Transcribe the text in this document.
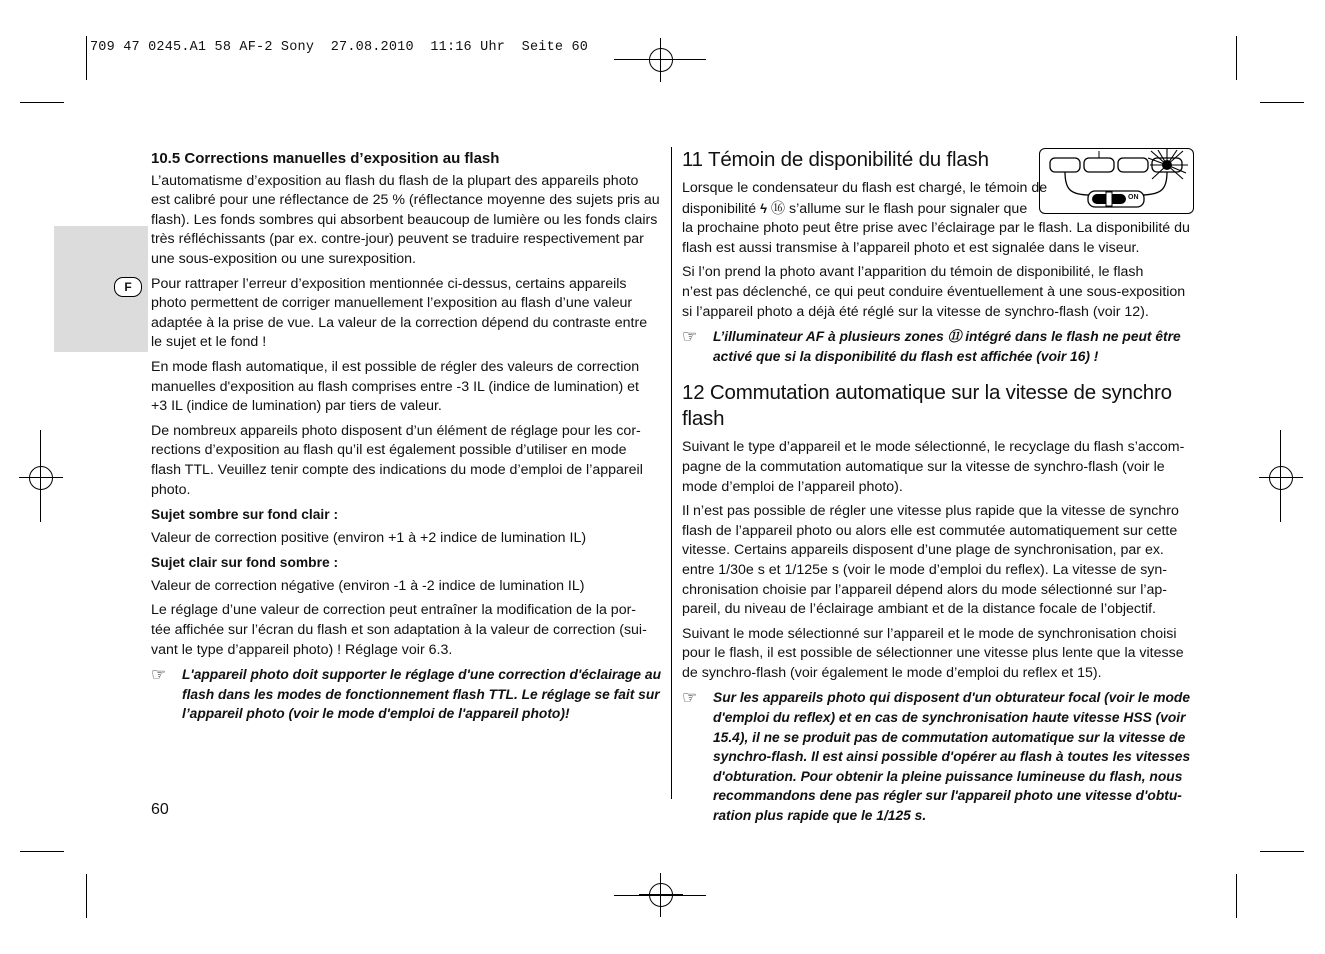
709 47 0245.A1 58 AF-2 Sony  27.08.2010  11:16 Uhr  Seite 60
F
10.5 Corrections manuelles d’exposition au flash

L’automatisme d’exposition au flash du flash de la plupart des appareils photo
est calibré pour une réflectance de 25 % (réflectance moyenne des sujets pris au
flash). Les fonds sombres qui absorbent beaucoup de lumière ou les fonds clairs
très réfléchissants (par ex. contre-jour) peuvent se traduire respectivement par
une sous-exposition ou une surexposition.

Pour rattraper l’erreur d’exposition mentionnée ci-dessus, certains appareils
photo permettent de corriger manuellement l’exposition au flash d’une valeur
adaptée à la prise de vue. La valeur de la correction dépend du contraste entre
le sujet et le fond !

En mode flash automatique, il est possible de régler des valeurs de correction
manuelles d'exposition au flash comprises entre -3 IL (indice de lumination) et
+3 IL (indice de lumination) par tiers de valeur.

De nombreux appareils photo disposent d’un élément de réglage pour les cor-
rections d’exposition au flash qu’il est également possible d’utiliser en mode
flash TTL. Veuillez tenir compte des indications du mode d’emploi de l’appareil
photo.

Sujet sombre sur fond clair :

Valeur de correction positive (environ +1 à +2 indice de lumination IL)

Sujet clair sur fond sombre :

Valeur de correction négative (environ -1 à -2 indice de lumination IL)

Le réglage d’une valeur de correction peut entraîner la modification de la por-
tée affichée sur l’écran du flash et son adaptation à la valeur de correction (sui-
vant le type d’appareil photo) ! Réglage voir 6.3.

☞ L'appareil photo doit supporter le réglage d'une correction d'éclairage au
flash dans les modes de fonctionnement flash TTL. Le réglage se fait sur
l’appareil photo (voir le mode d'emploi de l'appareil photo)!
ON
11 Témoin de disponibilité du flash

Lorsque le condensateur du flash est chargé, le témoin de
disponibilité ϟ ⑯ s’allume sur le flash pour signaler que
la prochaine photo peut être prise avec l’éclairage par le flash. La disponibilité du
flash est aussi transmise à l’appareil photo et est signalée dans le viseur.

Si l’on prend la photo avant l’apparition du témoin de disponibilité, le flash
n’est pas déclenché, ce qui peut conduire éventuellement à une sous-exposition
si l’appareil photo a déjà été réglé sur la vitesse de synchro-flash (voir 12).

☞ L’illuminateur AF à plusieurs zones ⑪ intégré dans le flash ne peut être
activé que si la disponibilité du flash est affichée (voir 16) !
12 Commutation automatique sur la vitesse de synchro flash

Suivant le type d’appareil et le mode sélectionné, le recyclage du flash s’accom-
pagne de la commutation automatique sur la vitesse de synchro-flash (voir le
mode d’emploi de l’appareil photo).

Il n’est pas possible de régler une vitesse plus rapide que la vitesse de synchro
flash de l’appareil photo ou alors elle est commutée automatiquement sur cette
vitesse. Certains appareils disposent d’une plage de synchronisation, par ex.
entre 1/30e s et 1/125e s (voir le mode d’emploi du reflex). La vitesse de syn-
chronisation choisie par l’appareil dépend alors du mode sélectionné sur l’ap-
pareil, du niveau de l’éclairage ambiant et de la distance focale de l’objectif.

Suivant le mode sélectionné sur l’appareil et le mode de synchronisation choisi
pour le flash, il est possible de sélectionner une vitesse plus lente que la vitesse
de synchro-flash (voir également le mode d’emploi du reflex et 15).

☞ Sur les appareils photo qui disposent d'un obturateur focal (voir le mode
d'emploi du reflex) et en cas de synchronisation haute vitesse HSS (voir
15.4), il ne se produit pas de commutation automatique sur la vitesse de
synchro-flash. Il est ainsi possible d'opérer au flash à toutes les vitesses
d'obturation. Pour obtenir la pleine puissance lumineuse du flash, nous
recommandons dene pas régler sur l'appareil photo une vitesse d'obtu-
ration plus rapide que le 1/125 s.
60
